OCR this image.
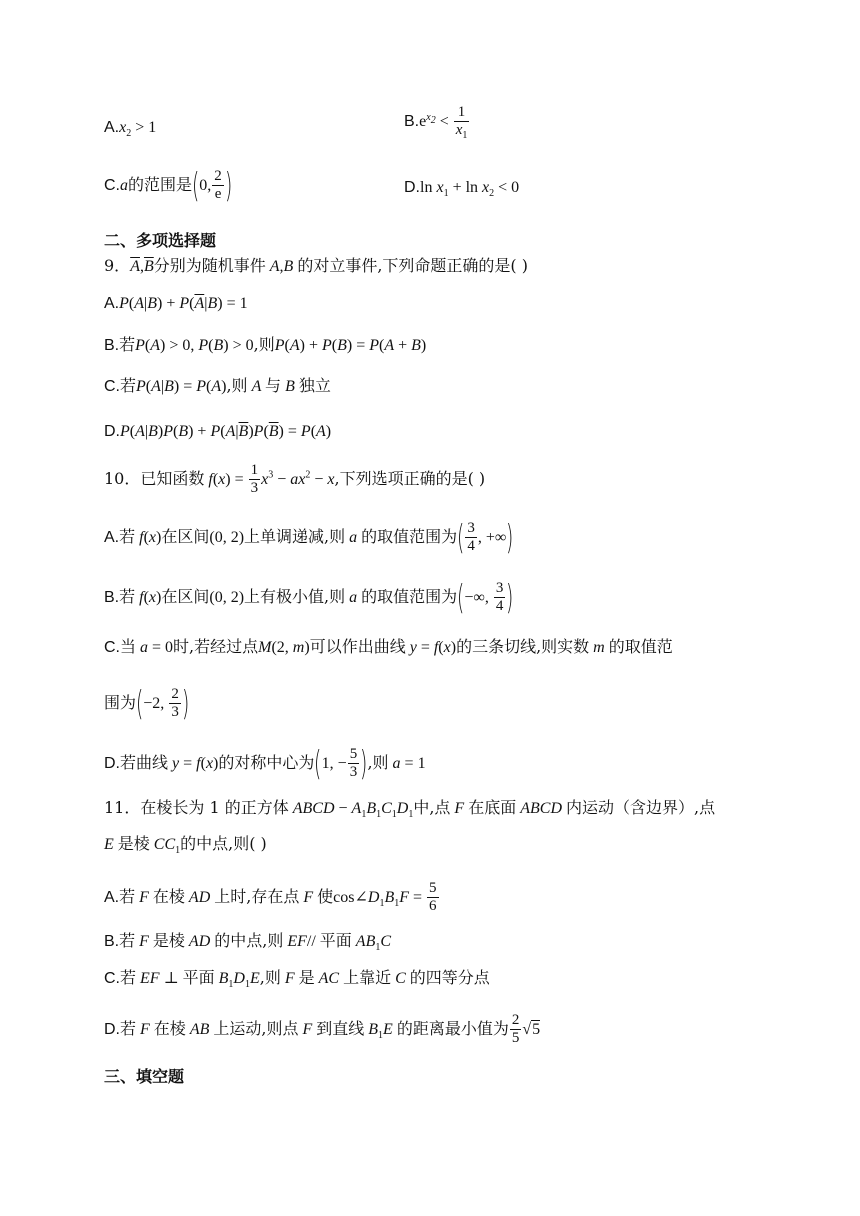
$A.x_2 > 1$	$B.e^{x_2} < \frac{1}{x_1}$
C.a的范围是(0, $\frac{2}{e}$ )	D.ln $x_1 + \ln x_2 < 0$
二、多项选择题
9．$\overline{A},\overline{B}$分别为随机事件 A,B 的对立事件,下列命题正确的是( )
$A.P(A|B) + P(\overline{A}|B) = 1$
B.若P(A) > 0, P(B) > 0,则P(A) + P(B) = P(A + B)
C.若P(A|B) = P(A),则 A 与 B 独立
$D.P(A|B)P(B) + P(A|\overline{B})P(\overline{B}) = P(A)$
10．已知函数 $f(x) = \frac{1}{3} x^3 - ax^2 - x$,下列选项正确的是( )
A.若 f(x)在区间(0, 2)上单调递减,则 a 的取值范围为( $\frac{3}{4}$ , +∞)
B.若 f(x)在区间(0, 2)上有极小值,则 a 的取值范围为(−∞, $\frac{3}{4}$ )
C.当 a = 0时,若经过点M(2, m)可以作出曲线 y = f(x)的三条切线,则实数 m 的取值范
围为(−2, $\frac{2}{3}$ )
D.若曲线 y = f(x)的对称中心为(1, − $\frac{5}{3}$ ),则 a = 1
11．在棱长为 1 的正方体 ABCD − $A_1B_1C_1D_1$中,点 F 在底面 ABCD 内运动（含边界）,点
E 是棱 $CC_1$的中点,则( )
A.若 F 在棱 AD 上时,存在点 F 使$\cos\angle D_1B_1F = \frac{5}{6}$
B.若 F 是棱 AD 的中点,则 EF// 平面 $AB_1C$
C.若 EF ⊥ 平面 $B_1D_1E$,则 F 是 AC 上靠近 C 的四等分点
D.若 F 在棱 AB 上运动,则点 F 到直线 $B_1E$ 的距离最小值为 $\frac{2}{5} √5$
三、填空题
